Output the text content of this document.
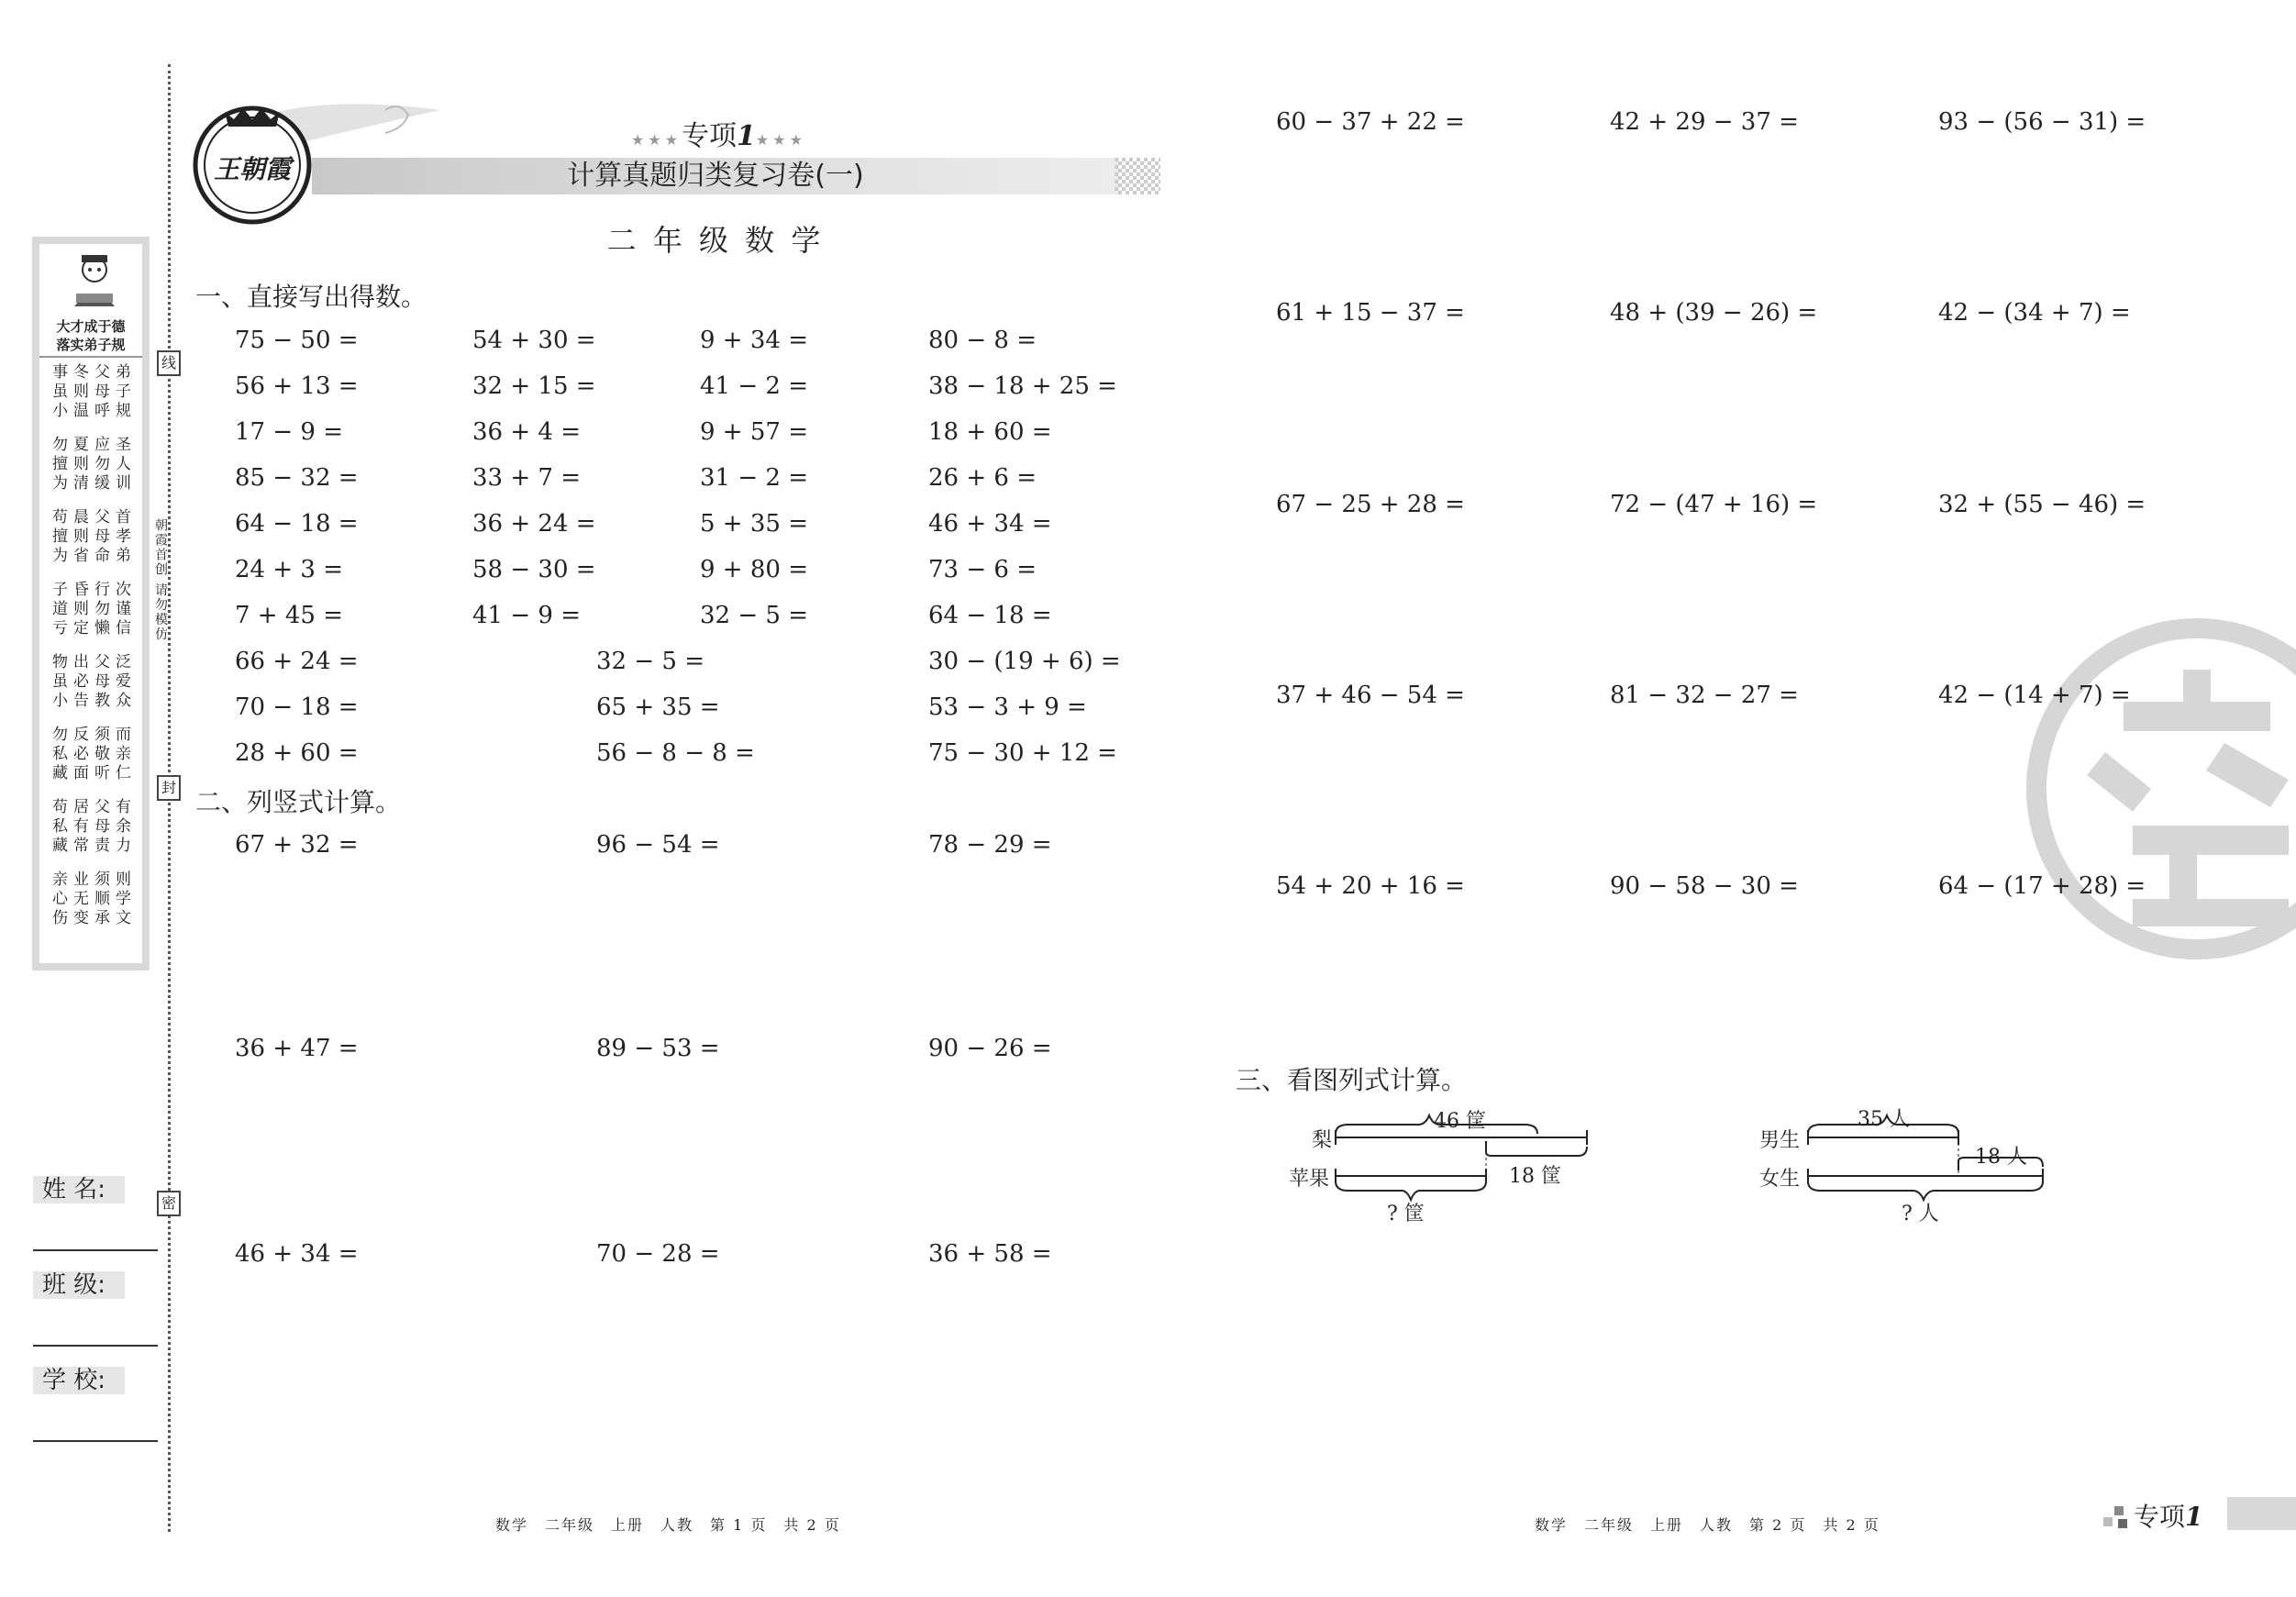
大才成于德
落实弟子规
事冬父弟
虽则母子
小温呼规
勿夏应圣
擅则勿人
为清缓训
苟晨父首
擅则母孝
为省命弟
子昏行次
道则勿谨
亏定懒信
物出父泛
虽必母爱
小告教众
勿反须而
私必敬亲
藏面听仁
苟居父有
私有母余
藏常责力
亲业须则
心无顺学
伤变承文
线
朝霞首创 请勿模仿
封
密
姓 名:
班 级:
学 校:
王朝霞
★★★专项1★★★
计算真题归类复习卷(一)
二 年 级 数 学
一、直接写出得数。
75 − 50 =	54 + 30 =	9 + 34 =	80 − 8 =
56 + 13 =	32 + 15 =	41 − 2 =	38 − 18 + 25 =
17 − 9 =	36 + 4 =	9 + 57 =	18 + 60 =
85 − 32 =	33 + 7 =	31 − 2 =	26 + 6 =
64 − 18 =	36 + 24 =	5 + 35 =	46 + 34 =
24 + 3 =	58 − 30 =	9 + 80 =	73 − 6 =
7 + 45 =	41 − 9 =	32 − 5 =	64 − 18 =
66 + 24 =	32 − 5 =	30 − (19 + 6) =
70 − 18 =	65 + 35 =	53 − 3 + 9 =
28 + 60 =	56 − 8 − 8 =	75 − 30 + 12 =
二、列竖式计算。
67 + 32 =	96 − 54 =	78 − 29 =
36 + 47 =	89 − 53 =	90 − 26 =
46 + 34 =	70 − 28 =	36 + 58 =
60 − 37 + 22 =	42 + 29 − 37 =	93 − (56 − 31) =
61 + 15 − 37 =	48 + (39 − 26) =	42 − (34 + 7) =
67 − 25 + 28 =	72 − (47 + 16) =	32 + (55 − 46) =
37 + 46 − 54 =	81 − 32 − 27 =	42 − (14 + 7) =
54 + 20 + 16 =	90 − 58 − 30 =	64 − (17 + 28) =
三、看图列式计算。
梨
苹果
46 筐
18 筐
? 筐
男生
女生
35 人
18 人
? 人
数学　二年级　上册　人教　第 1 页　共 2 页	数学　二年级　上册　人教　第 2 页　共 2 页	专项1
